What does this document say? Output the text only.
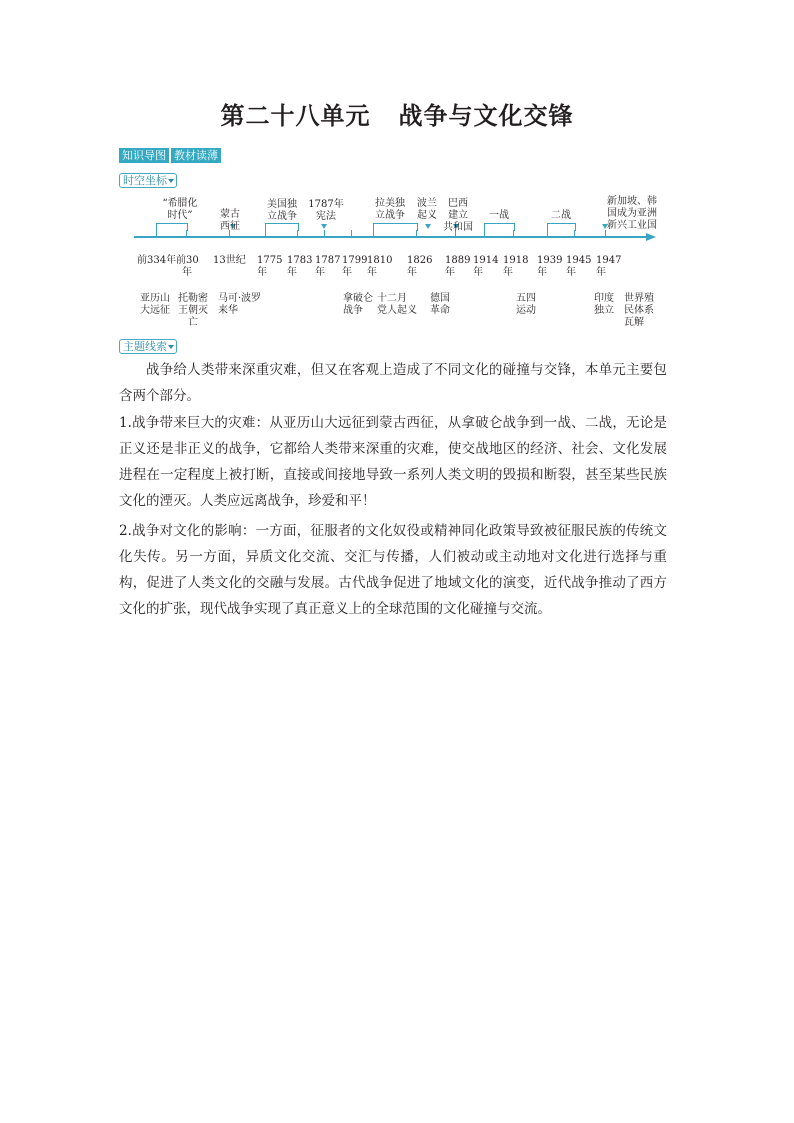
第二十八单元 战争与文化交锋
知识导图 教材读薄
时空坐标
“希腊化
时代”	蒙古
西征
美国独
立战争
1787年
宪法
拉美独
立战争
波兰
起义
巴西
建立
共和国
一战	二战
新加坡、韩
国成为亚洲
新兴工业国
前334年 前30
年
13世纪 1775
年
1783
年
1787
年
1799
年
1810
年
1826
年
1889
年
1914
年
1918
年
1939
年
1945
年
1947
年
亚历山
大远征
托勒密
王朝灭
亡
马可·波罗
来华
拿破仑
战争
十二月
党人起义
德国
革命
五四
运动
印度
独立
世界殖
民体系
瓦解
主题线索
战争给人类带来深重灾难，但又在客观上造成了不同文化的碰撞与交锋，本单元主要包含两个部分。
1.战争带来巨大的灾难：从亚历山大远征到蒙古西征，从拿破仑战争到一战、二战，无论是正义还是非正义的战争，它都给人类带来深重的灾难，使交战地区的经济、社会、文化发展进程在一定程度上被打断，直接或间接地导致一系列人类文明的毁损和断裂，甚至某些民族文化的湮灭。人类应远离战争，珍爱和平！
2.战争对文化的影响：一方面，征服者的文化奴役或精神同化政策导致被征服民族的传统文化失传。另一方面，异质文化交流、交汇与传播，人们被动或主动地对文化进行选择与重构，促进了人类文化的交融与发展。古代战争促进了地域文化的演变，近代战争推动了西方文化的扩张，现代战争实现了真正意义上的全球范围的文化碰撞与交流。
